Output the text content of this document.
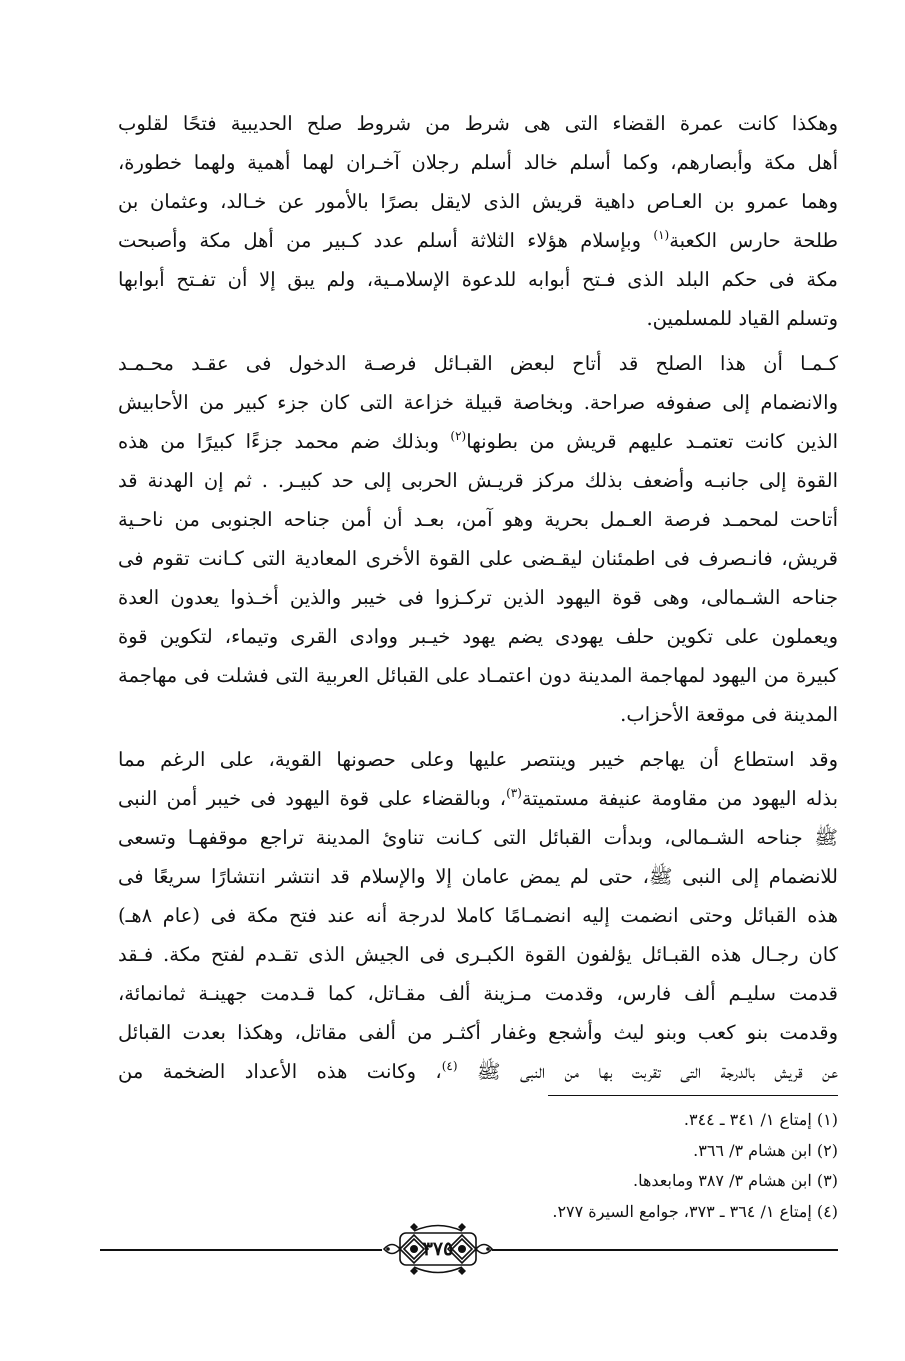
وهكذا كانت عمرة القضاء التى هى شرط من شروط صلح الحديبية فتحًا لقلوب
أهل مكة وأبصارهم، وكما أسلم خالد أسلم رجلان آخـران لهما أهمية ولهما خطورة،
وهما عمرو بن العـاص داهية قريش الذى لايقل بصرًا بالأمور عن خـالد، وعثمان بن
طلحة حارس الكعبة$^{(١)}$ وبإسلام هؤلاء الثلاثة أسلم عدد كـبير من أهل مكة وأصبحت
مكة فى حكم البلد الذى فـتح أبوابه للدعوة الإسلامـية، ولم يبق إلا أن تفـتح أبوابها
وتسلم القياد للمسلمين.

كـمـا أن هذا الصلح قد أتاح لبعض القبـائل فرصـة الدخول فى عقـد محـمـد
والانضمام إلى صفوفه صراحة. وبخاصة قبيلة خزاعة التى كان جزء كبير من الأحابيش
الذين كانت تعتمـد عليهم قريش من بطونها$^{(٢)}$ وبذلك ضم محمد جزءًا كبيرًا من هذه
القوة إلى جانبـه وأضعف بذلك مركز قريـش الحربى إلى حد كبيـر. . ثم إن الهدنة قد
أتاحت لمحمـد فرصة العـمل بحرية وهو آمن، بعـد أن أمن جناحه الجنوبى من ناحـية
قريش، فانـصرف فى اطمئنان ليقـضى على القوة الأخرى المعادية التى كـانت تقوم فى
جناحه الشـمالى، وهى قوة اليهود الذين تركـزوا فى خيبر والذين أخـذوا يعدون العدة
ويعملون على تكوين حلف يهودى يضم يهود خيـبر ووادى القرى وتيماء، لتكوين قوة
كبيرة من اليهود لمهاجمة المدينة دون اعتمـاد على القبائل العربية التى فشلت فى مهاجمة
المدينة فى موقعة الأحزاب.

وقد استطاع أن يهاجم خيبر وينتصر عليها وعلى حصونها القوية، على الرغم مما
بذله اليهود من مقاومة عنيفة مستميتة$^{(٣)}$، وبالقضاء على قوة اليهود فى خيبر أمن النبى
ﷺ جناحه الشـمالى، وبدأت القبائل التى كـانت تناوئ المدينة تراجع موقفهـا وتسعى
للانضمام إلى النبى ﷺ، حتى لم يمض عامان إلا والإسلام قد انتشر انتشارًا سريعًا فى
هذه القبائل وحتى انضمت إليه انضمـامًا كاملا لدرجة أنه عند فتح مكة فى (عام ٨هـ)
كان رجـال هذه القبـائل يؤلفون القوة الكبـرى فى الجيش الذى تقـدم لفتح مكة. فـقد
قدمت سليـم ألف فارس، وقدمت مـزينة ألف مقـاتل، كما قـدمت جهينـة ثمانمائة،
وقدمت بنو كعب وبنو ليث وأشجع وغفار أكثـر من ألفى مقاتل، وهكذا بعدت القبائل
عن قريش بالدرجة التى تقربت بها من النبى ﷺ $^{(٤)}$، وكانت هذه الأعداد الضخمة من

(١) إمتاع ١/ ٣٤١ ـ ٣٤٤.
(٢) ابن هشام ٣/ ٣٦٦.
(٣) ابن هشام ٣/ ٣٨٧ ومابعدها.
(٤) إمتاع ١/ ٣٦٤ ـ ٣٧٣، جوامع السيرة ٢٧٧.
٣٧٥
